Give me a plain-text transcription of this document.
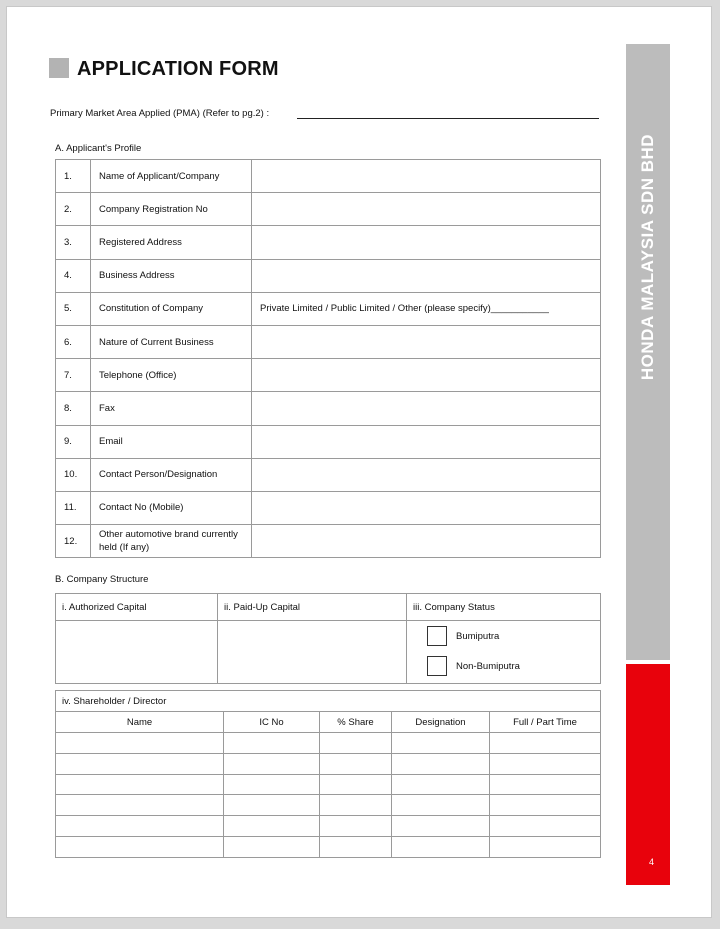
APPLICATION FORM
Primary Market Area Applied (PMA) (Refer to pg.2) :
A. Applicant's Profile
1.	Name of Applicant/Company	
2.	Company Registration No	
3.	Registered Address	
4.	Business Address	
5.	Constitution of Company	Private Limited / Public Limited / Other (please specify)___________
6.	Nature of Current Business	
7.	Telephone (Office)	
8.	Fax	
9.	Email	
10.	Contact Person/Designation	
11.	Contact No (Mobile)	
12.	Other automotive brand currently held (If any)	
B. Company Structure
i. Authorized Capital	ii. Paid-Up Capital	iii. Company Status

		Bumiputra
Non-Bumiputra
iv. Shareholder / Director				
Name	IC No	% Share	Designation	Full / Part Time

HONDA MALAYSIA SDN BHD
4
